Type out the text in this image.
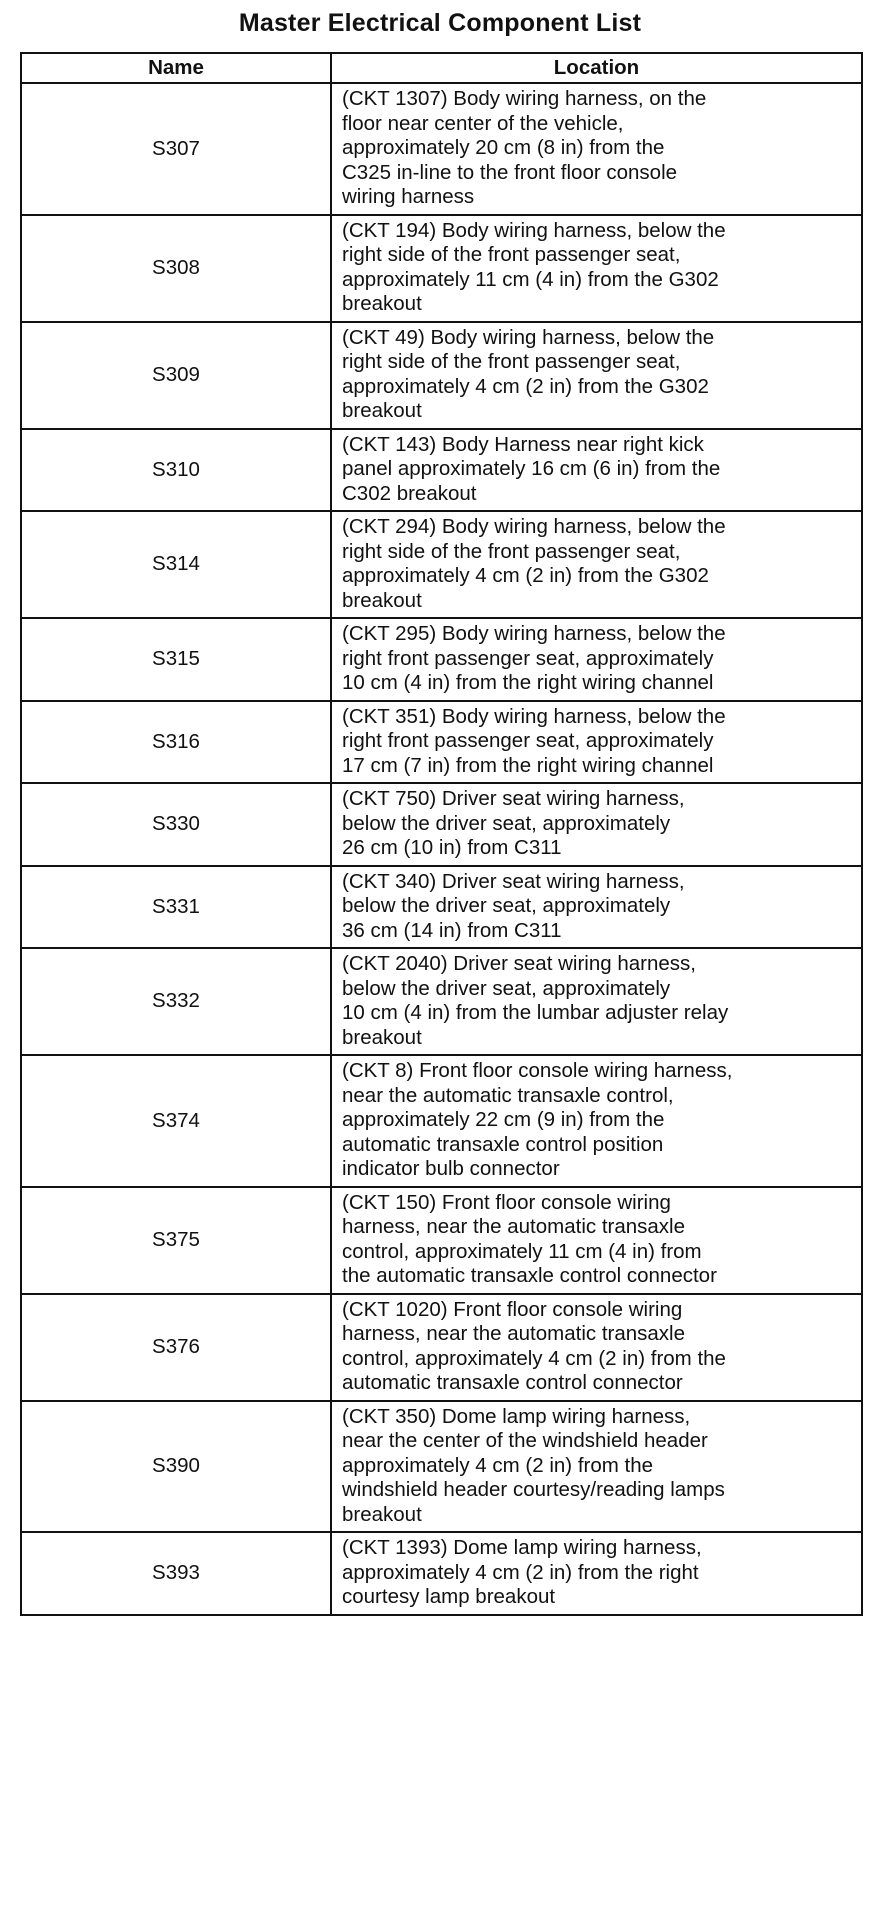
Master Electrical Component List
Name	Location
S307	(CKT 1307) Body wiring harness, on the
floor near center of the vehicle,
approximately 20 cm (8 in) from the
C325 in-line to the front floor console
wiring harness

S308	(CKT 194) Body wiring harness, below the
right side of the front passenger seat,
approximately 11 cm (4 in) from the G302
breakout

S309	(CKT 49) Body wiring harness, below the
right side of the front passenger seat,
approximately 4 cm (2 in) from the G302
breakout

S310	(CKT 143) Body Harness near right kick
panel approximately 16 cm (6 in) from the
C302 breakout

S314	(CKT 294) Body wiring harness, below the
right side of the front passenger seat,
approximately 4 cm (2 in) from the G302
breakout

S315	(CKT 295) Body wiring harness, below the
right front passenger seat, approximately
10 cm (4 in) from the right wiring channel

S316	(CKT 351) Body wiring harness, below the
right front passenger seat, approximately
17 cm (7 in) from the right wiring channel

S330	(CKT 750) Driver seat wiring harness,
below the driver seat, approximately
26 cm (10 in) from C311

S331	(CKT 340) Driver seat wiring harness,
below the driver seat, approximately
36 cm (14 in) from C311

S332	(CKT 2040) Driver seat wiring harness,
below the driver seat, approximately
10 cm (4 in) from the lumbar adjuster relay
breakout

S374	(CKT 8) Front floor console wiring harness,
near the automatic transaxle control,
approximately 22 cm (9 in) from the
automatic transaxle control position
indicator bulb connector

S375	(CKT 150) Front floor console wiring
harness, near the automatic transaxle
control, approximately 11 cm (4 in) from
the automatic transaxle control connector

S376	(CKT 1020) Front floor console wiring
harness, near the automatic transaxle
control, approximately 4 cm (2 in) from the
automatic transaxle control connector

S390	(CKT 350) Dome lamp wiring harness,
near the center of the windshield header
approximately 4 cm (2 in) from the
windshield header courtesy/reading lamps
breakout

S393	(CKT 1393) Dome lamp wiring harness,
approximately 4 cm (2 in) from the right
courtesy lamp breakout
